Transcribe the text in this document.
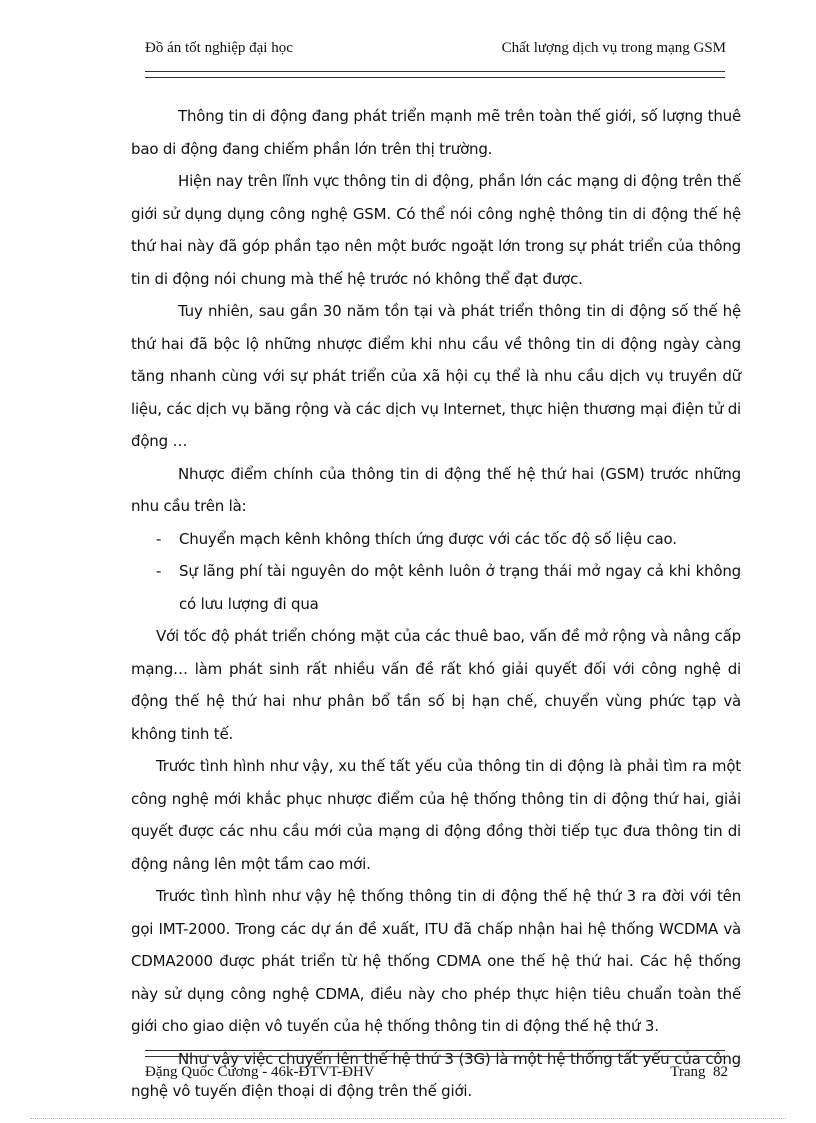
Đồ án tốt nghiệp đại học	Chất lượng dịch vụ trong mạng GSM

Thông tin di động đang phát triển mạnh mẽ trên toàn thế giới, số lượng thuê bao di động đang chiếm phần lớn trên thị trường.

Hiện nay trên lĩnh vực thông tin di động, phần lớn các mạng di động trên thế giới sử dụng dụng công nghệ GSM. Có thể nói công nghệ thông tin di động thế hệ thứ hai này đã góp phần tạo nên một bước ngoặt lớn trong sự phát triển của thông tin di động nói chung mà thế hệ trước nó không thể đạt được.

Tuy nhiên, sau gần 30 năm tồn tại và phát triển thông tin di động số thế hệ thứ hai đã bộc lộ những nhược điểm khi nhu cầu về thông tin di động ngày càng tăng nhanh cùng với sự phát triển của xã hội cụ thể là nhu cầu dịch vụ truyền dữ liệu, các dịch vụ băng rộng và các dịch vụ Internet, thực hiện thương mại điện tử di động …

Nhược điểm chính của thông tin di động thế hệ thứ hai (GSM) trước những nhu cầu trên là:

-	Chuyển mạch kênh không thích ứng được với các tốc độ số liệu cao.
-	Sự lãng phí tài nguyên do một kênh luôn ở trạng thái mở ngay cả khi không có lưu lượng đi qua

Với tốc độ phát triển chóng mặt của các thuê bao, vấn đề mở rộng và nâng cấp mạng… làm phát sinh rất nhiều vấn đề rất khó giải quyết đối với công nghệ di động thế hệ thứ hai như phân bổ tần số bị hạn chế, chuyển vùng phức tạp và không tinh tế.

Trước tình hình như vậy, xu thế tất yếu của thông tin di động là phải tìm ra một công nghệ mới khắc phục nhược điểm của hệ thống thông tin di động thứ hai, giải quyết được các nhu cầu mới của mạng di động đồng thời tiếp tục đưa thông tin di động nâng lên một tầm cao mới.

Trước tình hình như vậy hệ thống thông tin di động thế hệ thứ 3 ra đời với tên gọi IMT-2000. Trong các dự án đề xuất, ITU đã chấp nhận hai hệ thống WCDMA và CDMA2000 được phát triển từ hệ thống CDMA one thế hệ thứ hai. Các hệ thống này sử dụng công nghệ CDMA, điều này cho phép thực hiện tiêu chuẩn toàn thế giới cho giao diện vô tuyến của hệ thống thông tin di động thế hệ thứ 3.

Như vậy việc chuyển lên thế hệ thứ 3 (3G) là một hệ thống tất yếu của công nghệ vô tuyến điện thoại di động trên thế giới.

Đặng Quốc Cương - 46k-ĐTVT-ĐHV	Trang 82
